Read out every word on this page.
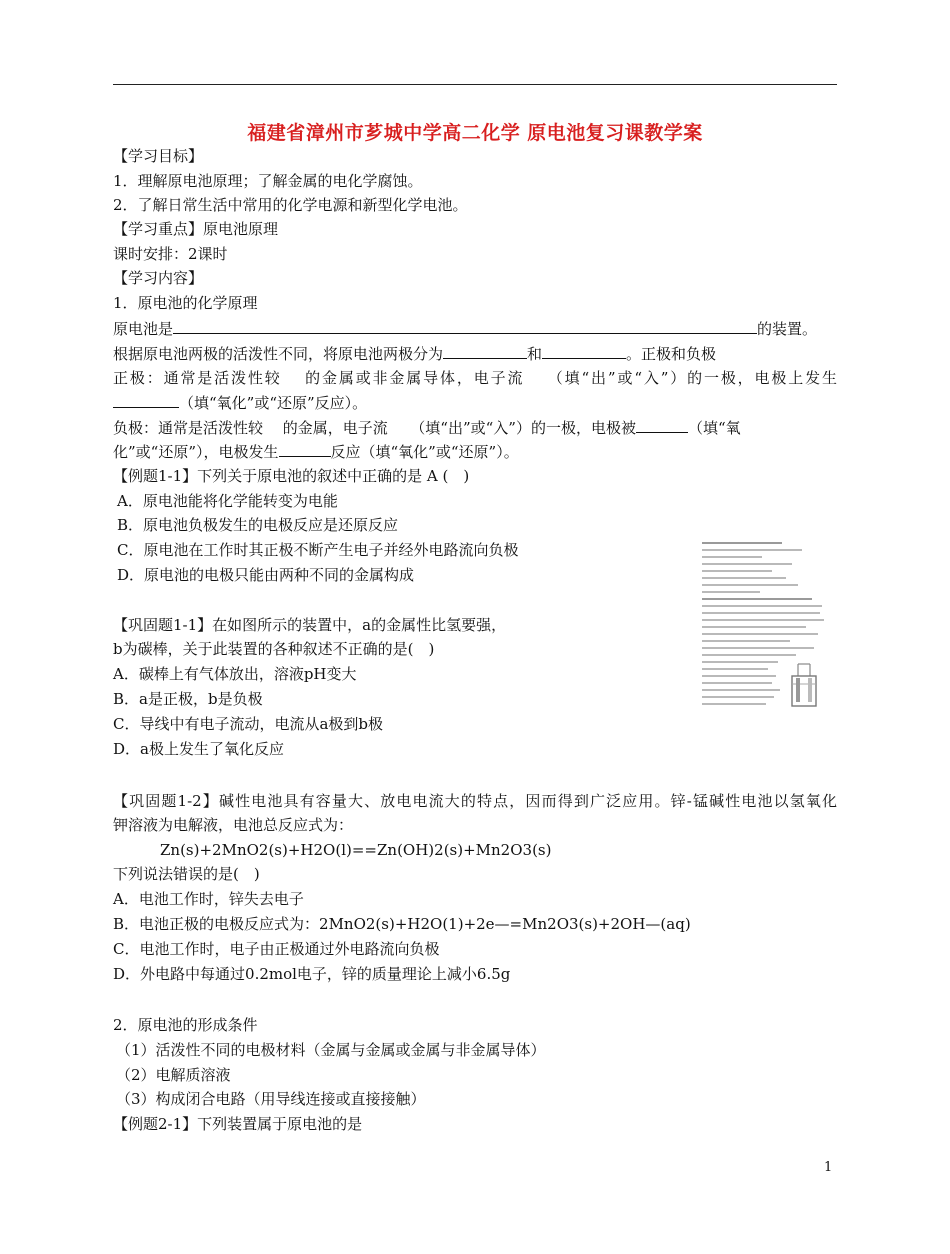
福建省漳州市芗城中学高二化学 原电池复习课教学案
【学习目标】
1．理解原电池原理；了解金属的电化学腐蚀。
2．了解日常生活中常用的化学电源和新型化学电池。
【学习重点】原电池原理
课时安排：2课时
【学习内容】
1．原电池的化学原理
原电池是	的装置。
根据原电池两极的活泼性不同，将原电池两极分为	和	。正极和负极
正极：通常是活泼性较　 的金属或非金属导体，电子流　 （填“出”或“入”）的一极，电极上发生
（填“氧化”或“还原”反应）。
负极：通常是活泼性较　 的金属，电子流　　（填“出”或“入”）的一极，电极被	（填“氧
化”或“还原”），电极发生	反应（填“氧化”或“还原”）。
【例题1-1】下列关于原电池的叙述中正确的是 A (　)
A．原电池能将化学能转变为电能
B．原电池负极发生的电极反应是还原反应
C．原电池在工作时其正极不断产生电子并经外电路流向负极
D．原电池的电极只能由两种不同的金属构成
【巩固题1-1】在如图所示的装置中，a的金属性比氢要强，
b为碳棒，关于此装置的各种叙述不正确的是(　)
A．碳棒上有气体放出，溶液pH变大
B．a是正极，b是负极
C．导线中有电子流动，电流从a极到b极
D．a极上发生了氧化反应
【巩固题1-2】碱性电池具有容量大、放电电流大的特点，因而得到广泛应用。锌-锰碱性电池以氢氧化
钾溶液为电解液，电池总反应式为：
Zn(s)+2MnO2(s)+H2O(l)==Zn(OH)2(s)+Mn2O3(s)
下列说法错误的是(　)
A．电池工作时，锌失去电子
B．电池正极的电极反应式为：2MnO2(s)+H2O(1)+2e—=Mn2O3(s)+2OH—(aq)
C．电池工作时，电子由正极通过外电路流向负极
D．外电路中每通过0.2mol电子，锌的质量理论上减小6.5g
2．原电池的形成条件
（1）活泼性不同的电极材料（金属与金属或金属与非金属导体）
（2）电解质溶液
（3）构成闭合电路（用导线连接或直接接触）
【例题2-1】下列装置属于原电池的是
1
